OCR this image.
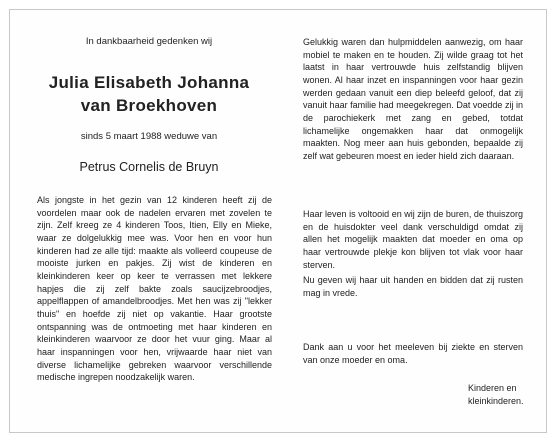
In dankbaarheid gedenken wij
Julia Elisabeth Johanna
van Broekhoven
sinds 5 maart 1988 weduwe van
Petrus Cornelis de Bruyn

Als jongste in het gezin van 12 kinderen heeft zij de voordelen maar ook de nadelen ervaren met zovelen te zijn. Zelf kreeg ze 4 kinderen Toos, Itien, Elly en Mieke, waar ze dolgelukkig mee was. Voor hen en voor hun kinderen had ze alle tijd: maakte als volleerd coupeuse de mooiste jurken en pakjes. Zij wist de kinderen en kleinkinderen keer op keer te verrassen met lekkere hapjes die zij zelf bakte zoals saucijzebroodjes, appelflappen of amandelbroodjes. Met hen was zij "lekker thuis" en hoefde zij niet op vakantie. Haar grootste ontspanning was de ontmoeting met haar kinderen en kleinkinderen waarvoor ze door het vuur ging. Maar al haar inspanningen voor hen, vrijwaarde haar niet van diverse lichamelijke gebreken waarvoor verschillende medische ingrepen noodzakelijk waren.

Gelukkig waren dan hulpmiddelen aanwezig, om haar mobiel te maken en te houden. Zij wilde graag tot het laatst in haar vertrouwde huis zelfstandig blijven wonen. Al haar inzet en inspanningen voor haar gezin werden gedaan vanuit een diep beleefd geloof, dat zij vanuit haar familie had meegekregen. Dat voedde zij in de parochiekerk met zang en gebed, totdat lichamelijke ongemakken haar dat onmogelijk maakten. Nog meer aan huis gebonden, bepaalde zij zelf wat gebeuren moest en ieder hield zich daaraan.

Haar leven is voltooid en wij zijn de buren, de thuiszorg en de huisdokter veel dank verschuldigd omdat zij allen het mogelijk maakten dat moeder en oma op haar vertrouwde plekje kon blijven tot vlak voor haar sterven.

Nu geven wij haar uit handen en bidden dat zij rusten mag in vrede.

Dank aan u voor het meeleven bij ziekte en sterven van onze moeder en oma.

Kinderen en
kleinkinderen.
